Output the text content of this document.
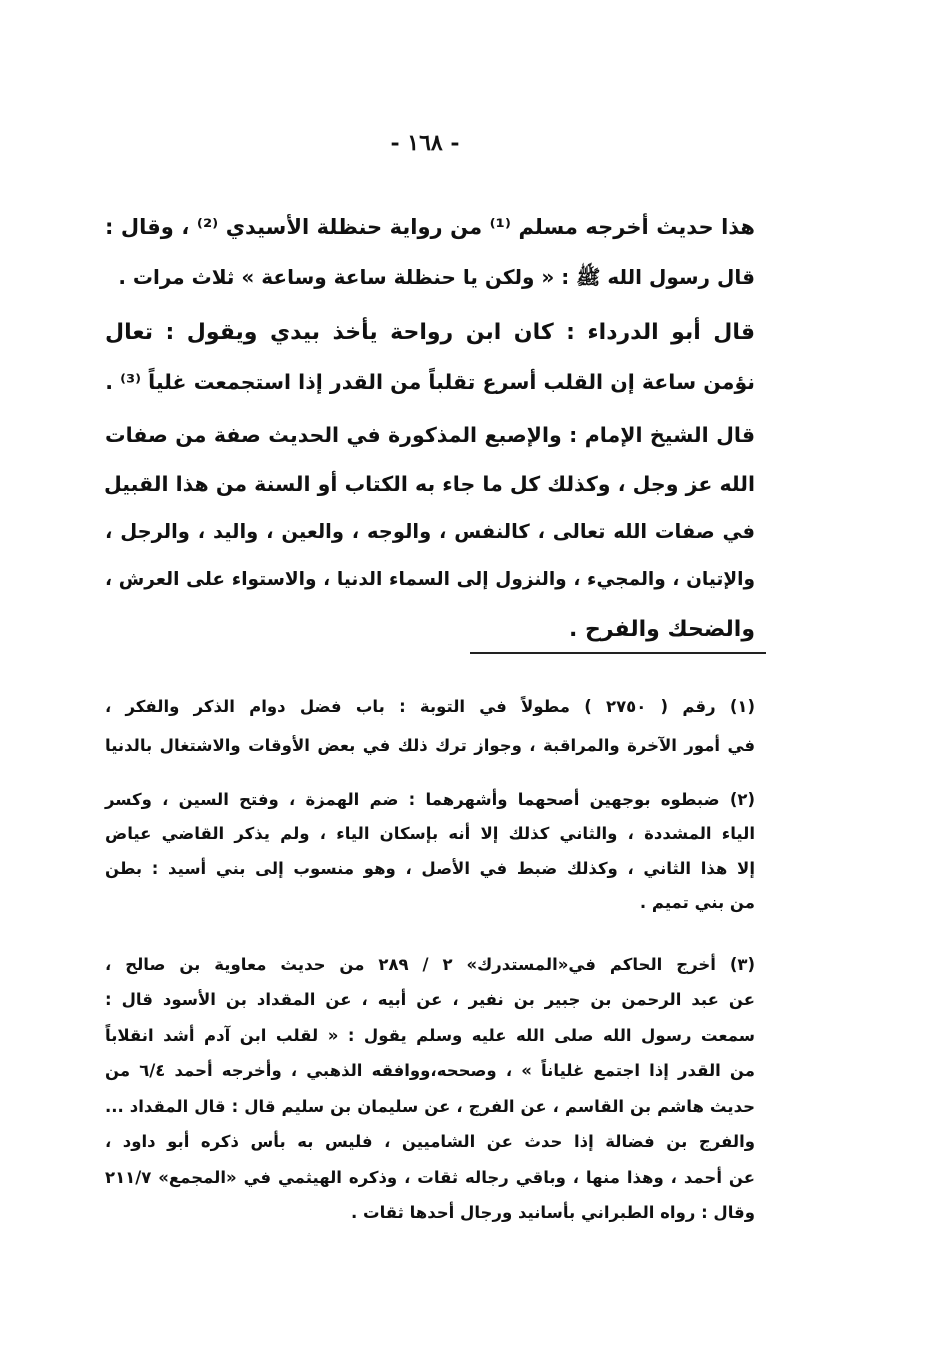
- ١٦٨ -

هذا حديث أخرجه مسلم ⁽¹⁾ من رواية حنظلة الأسيدي ⁽²⁾ ، وقال :
قال رسول الله ﷺ : « ولكن يا حنظلة ساعة وساعة » ثلاث مرات .

قال أبو الدرداء : كان ابن رواحة يأخذ بيدي ويقول : تعال
نؤمن ساعة إن القلب أسرع تقلباً من القدر إذا استجمعت غلياً ⁽³⁾ .

قال الشيخ الإمام : والإصبع المذكورة في الحديث صفة من صفات
الله عز وجل ، وكذلك كل ما جاء به الكتاب أو السنة من هذا القبيل
في صفات الله تعالى ، كالنفس ، والوجه ، والعين ، واليد ، والرجل ،
والإتيان ، والمجيء ، والنزول إلى السماء الدنيا ، والاستواء على العرش ،
والضحك والفرح .

(١) رقم ( ٢٧٥٠ ) مطولاً في التوبة : باب فضل دوام الذكر والفكر ،
في أمور الآخرة والمراقبة ، وجواز ترك ذلك في بعض الأوقات والاشتغال بالدنيا

(٢) ضبطوه بوجهين أصحهما وأشهرهما : ضم الهمزة ، وفتح السين ، وكسر
الياء المشددة ، والثاني كذلك إلا أنه بإسكان الياء ، ولم يذكر القاضي عياض
إلا هذا الثاني ، وكذلك ضبط في الأصل ، وهو منسوب إلى بني أسيد : بطن
من بني تميم .

(٣) أخرج الحاكم في«المستدرك» ٢ / ٢٨٩ من حديث معاوية بن صالح ،
عن عبد الرحمن بن جبير بن نفير ، عن أبيه ، عن المقداد بن الأسود قال :
سمعت رسول الله صلى الله عليه وسلم يقول : « لقلب ابن آدم أشد انقلاباً
من القدر إذا اجتمع غلياناً » ، وصححه،ووافقه الذهبي ، وأخرجه أحمد ٦/٤ من
حديث هاشم بن القاسم ، عن الفرج ، عن سليمان بن سليم قال : قال المقداد ...
والفرج بن فضالة إذا حدث عن الشاميين ، فليس به بأس ذكره أبو داود ،
عن أحمد ، وهذا منها ، وباقي رجاله ثقات ، وذكره الهيثمي في «المجمع» ٢١١/٧
وقال : رواه الطبراني بأسانيد ورجال أحدها ثقات .
